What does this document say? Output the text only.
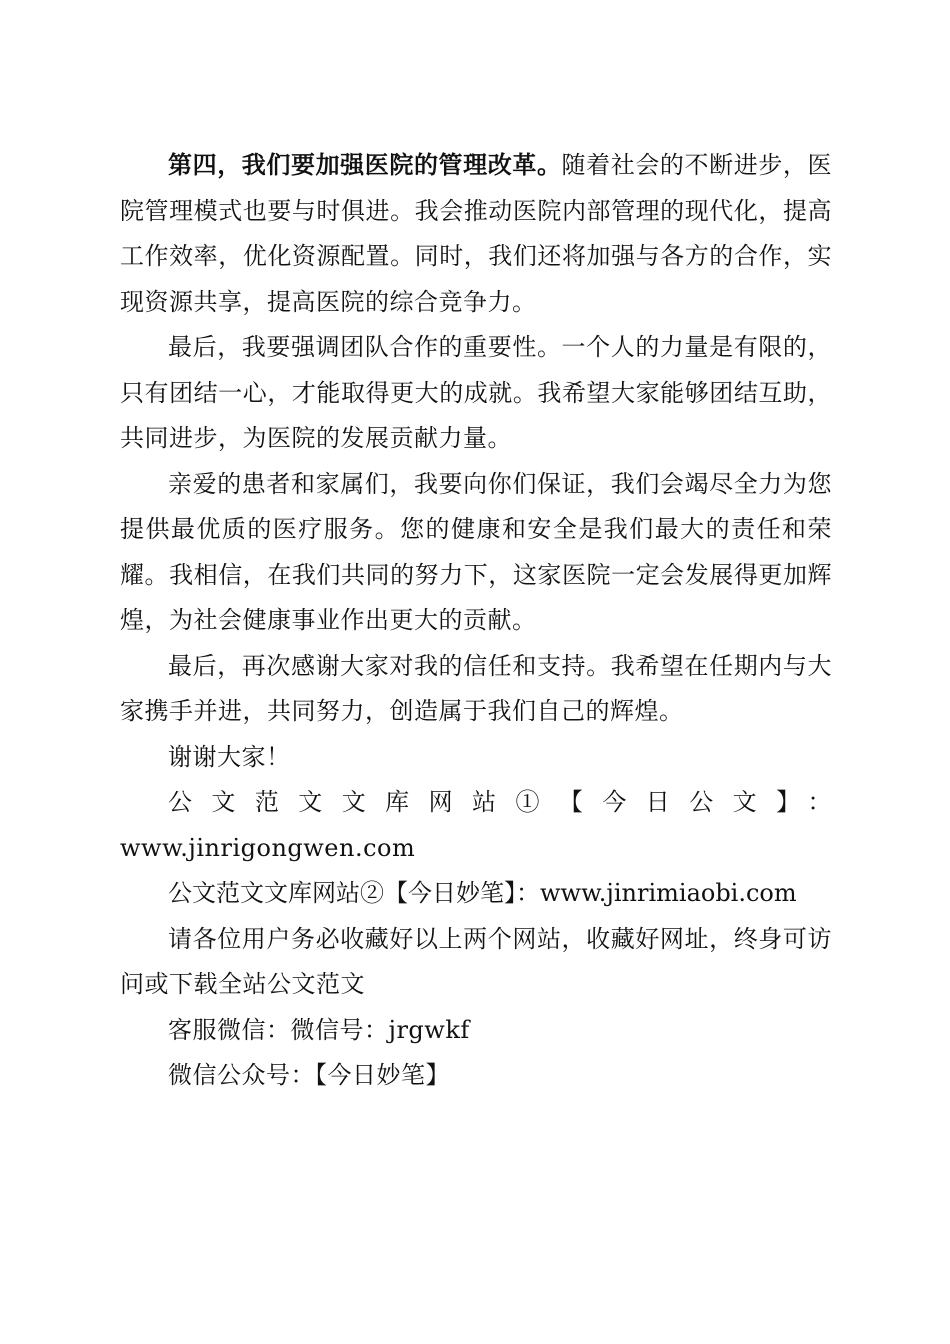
第四，我们要加强医院的管理改革。随着社会的不断进步，医院管理模式也要与时俱进。我会推动医院内部管理的现代化，提高工作效率，优化资源配置。同时，我们还将加强与各方的合作，实现资源共享，提高医院的综合竞争力。

最后，我要强调团队合作的重要性。一个人的力量是有限的，只有团结一心，才能取得更大的成就。我希望大家能够团结互助，共同进步，为医院的发展贡献力量。

亲爱的患者和家属们，我要向你们保证，我们会竭尽全力为您提供最优质的医疗服务。您的健康和安全是我们最大的责任和荣耀。我相信，在我们共同的努力下，这家医院一定会发展得更加辉煌，为社会健康事业作出更大的贡献。

最后，再次感谢大家对我的信任和支持。我希望在任期内与大家携手并进，共同努力，创造属于我们自己的辉煌。

谢谢大家！

公文范文文库网站①【今日公文】：

www.jinrigongwen.com

公文范文文库网站②【今日妙笔】：www.jinrimiaobi.com

请各位用户务必收藏好以上两个网站，收藏好网址，终身可访问或下载全站公文范文

客服微信：微信号：jrgwkf

微信公众号：【今日妙笔】
